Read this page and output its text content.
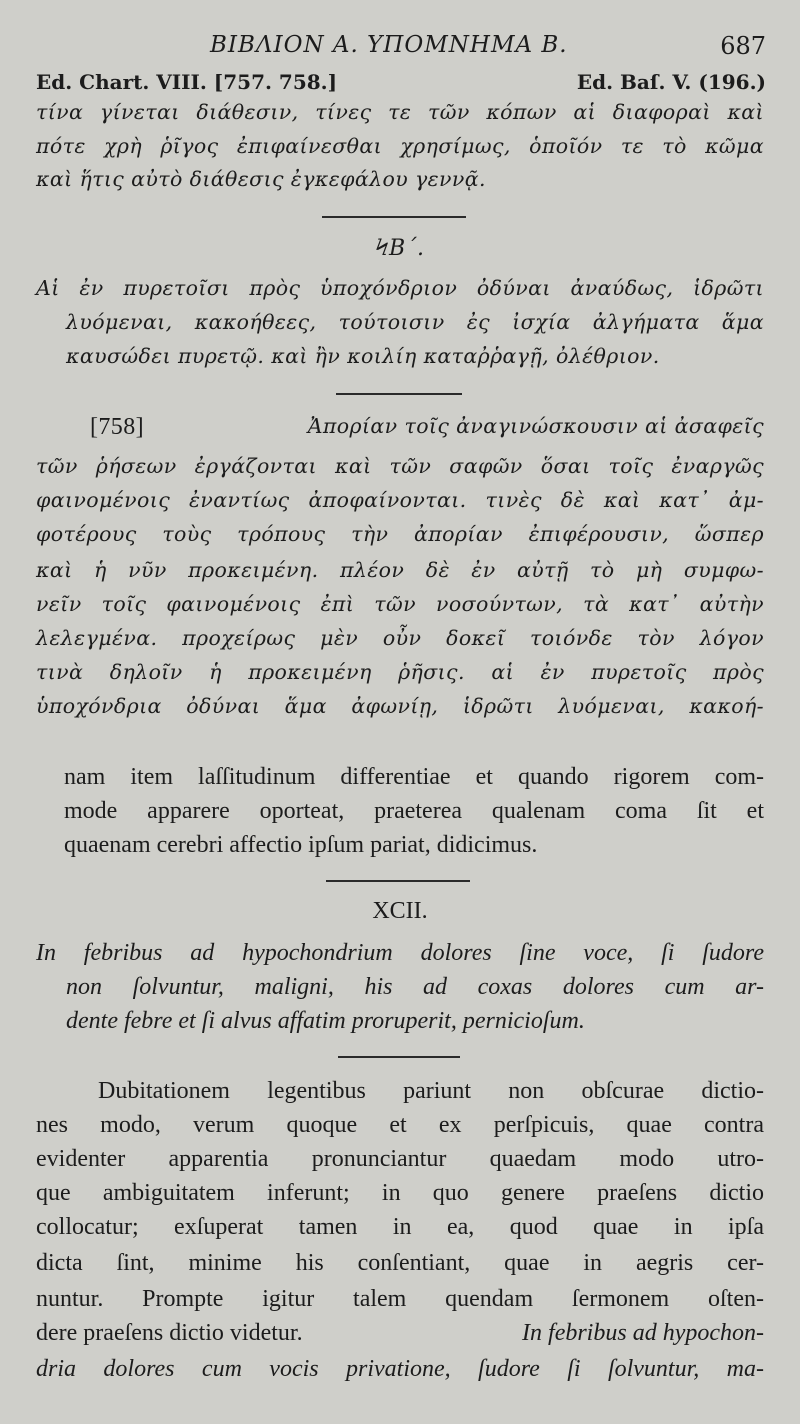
ΒΙΒΛΙΟΝ Α. ΥΠΟΜΝΗΜΑ Β.	687
Ed. Chart. VIII. [757. 758.]	Ed. Baſ. V. (196.)
τίνα γίνεται διάθεσιν, τίνες τε τῶν κόπων αἱ διαφοραὶ καὶ
πότε χρὴ ῥῖγος ἐπιφαίνεσθαι χρησίμως, ὁποῖόν τε τὸ κῶμα
καὶ ἥτις αὐτὸ διάθεσις ἐγκεφάλου γεννᾷ.
ϞΒ΄.
Αἱ ἐν πυρετοῖσι πρὸς ὑποχόνδριον ὀδύναι ἀναύδως, ἱδρῶτι
λυόμεναι, κακοήθεες, τούτοισιν ἐς ἰσχία ἀλγήματα ἅμα
καυσώδει πυρετῷ. καὶ ἢν κοιλίη καταῤῥαγῇ, ὀλέθριον.
[758]	Ἀπορίαν τοῖς ἀναγινώσκουσιν αἱ ἀσαφεῖς
τῶν ῥήσεων ἐργάζονται καὶ τῶν σαφῶν ὅσαι τοῖς ἐναργῶς
φαινομένοις ἐναντίως ἀποφαίνονται. τινὲς δὲ καὶ κατ᾽ ἀμ-
φοτέρους τοὺς τρόπους τὴν ἀπορίαν ἐπιφέρουσιν, ὥσπερ
καὶ ἡ νῦν προκειμένη. πλέον δὲ ἐν αὐτῇ τὸ μὴ συμφω-
νεῖν τοῖς φαινομένοις ἐπὶ τῶν νοσούντων, τὰ κατ᾽ αὐτὴν
λελεγμένα. προχείρως μὲν οὖν δοκεῖ τοιόνδε τὸν λόγον
τινὰ δηλοῖν ἡ προκειμένη ῥῆσις. αἱ ἐν πυρετοῖς πρὸς
ὑποχόνδρια ὀδύναι ἅμα ἀφωνίῃ, ἱδρῶτι λυόμεναι, κακοή-
nam item laſſitudinum differentiae et quando rigorem com-
mode apparere oporteat, praeterea qualenam coma ſit et
quaenam cerebri affectio ipſum pariat, didicimus.
XCII.
In febribus ad hypochondrium dolores ſine voce, ſi ſudore
non ſolvuntur, maligni, his ad coxas dolores cum ar-
dente febre et ſi alvus affatim proruperit, pernicioſum.
Dubitationem legentibus pariunt non obſcurae dictio-
nes modo, verum quoque et ex perſpicuis, quae contra
evidenter apparentia pronunciantur quaedam modo utro-
que ambiguitatem inferunt; in quo genere praeſens dictio
collocatur; exſuperat tamen in ea, quod quae in ipſa
dicta ſint, minime his conſentiant, quae in aegris cer-
nuntur. Prompte igitur talem quendam ſermonem oſten-
dere praeſens dictio videtur.	In febribus ad hypochon-
dria dolores cum vocis privatione, ſudore ſi ſolvuntur, ma-
